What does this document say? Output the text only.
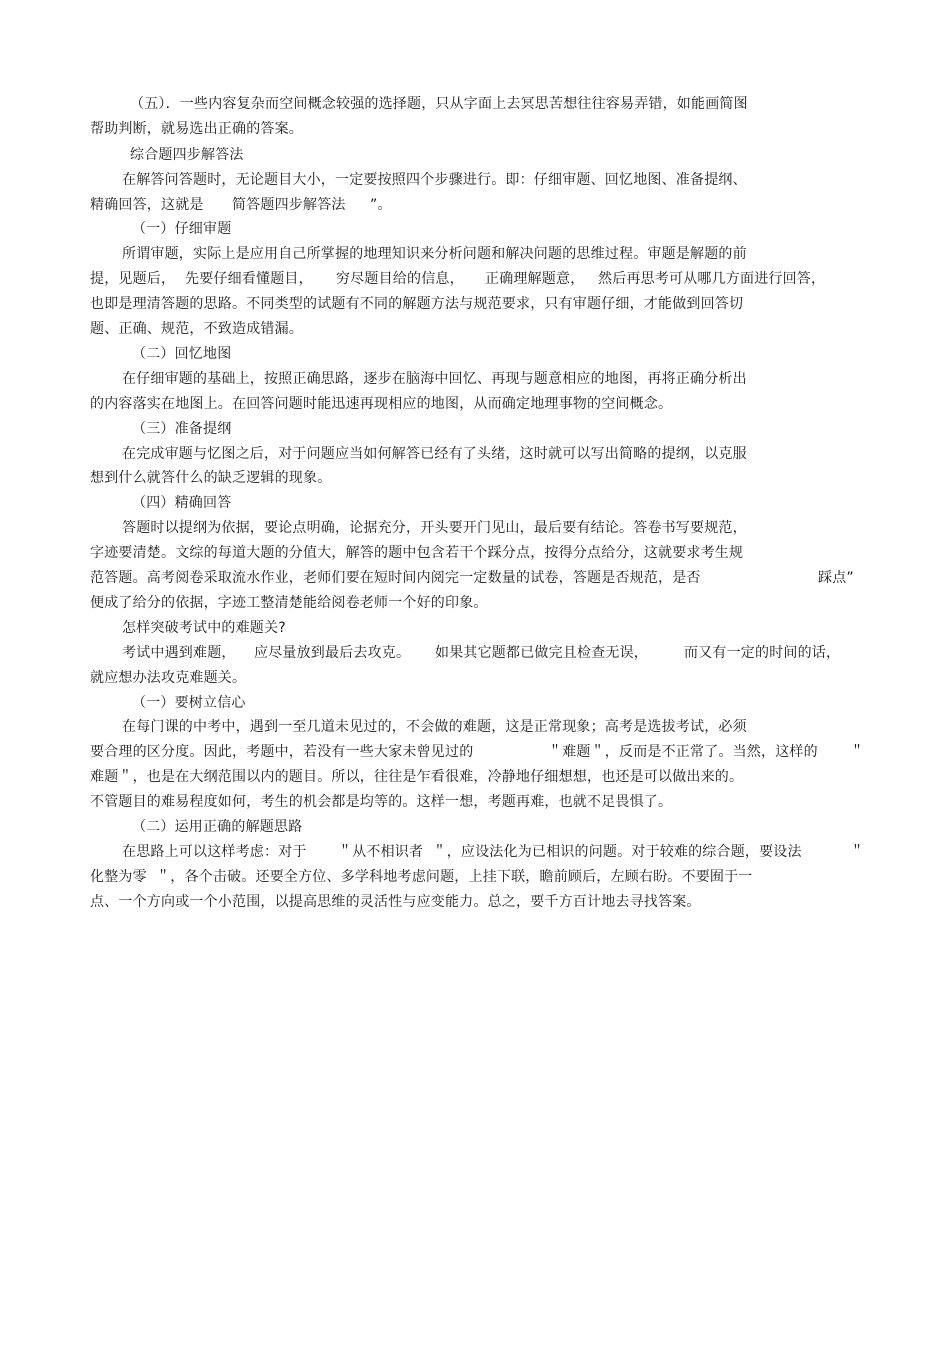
（五）．一些内容复杂而空间概念较强的选择题，只从字面上去冥思苦想往往容易弄错，如能画简图
帮助判断，就易选出正确的答案。
综合题四步解答法
在解答问答题时，无论题目大小，一定要按照四个步骤进行。即：仔细审题、回忆地图、准备提纲、
精确回答，这就是 简答题四步解答法 ”。
（一）仔细审题
所谓审题，实际上是应用自己所掌握的地理知识来分析问题和解决问题的思维过程。审题是解题的前
提，见题后， 先要仔细看懂题目， 穷尽题目给的信息， 正确理解题意， 然后再思考可从哪几方面进行回答，
也即是理清答题的思路。不同类型的试题有不同的解题方法与规范要求，只有审题仔细，才能做到回答切
题、正确、规范，不致造成错漏。
（二）回忆地图
在仔细审题的基础上，按照正确思路，逐步在脑海中回忆、再现与题意相应的地图，再将正确分析出
的内容落实在地图上。在回答问题时能迅速再现相应的地图，从而确定地理事物的空间概念。
（三）准备提纲
在完成审题与忆图之后，对于问题应当如何解答已经有了头绪，这时就可以写出简略的提纲，以克服
想到什么就答什么的缺乏逻辑的现象。
（四）精确回答
答题时以提纲为依据，要论点明确，论据充分，开头要开门见山，最后要有结论。答卷书写要规范，
字迹要清楚。文综的每道大题的分值大，解答的题中包含若干个踩分点，按得分点给分，这就要求考生规
范答题。高考阅卷采取流水作业，老师们要在短时间内阅完一定数量的试卷，答题是否规范，是否	踩点”
便成了给分的依据，字迹工整清楚能给阅卷老师一个好的印象。
怎样突破考试中的难题关?
考试中遇到难题， 应尽量放到最后去攻克。 如果其它题都已做完且检查无误，	而又有一定的时间的话，
就应想办法攻克难题关。
（一）要树立信心
在每门课的中考中，遇到一至几道未见过的，不会做的难题，这是正常现象；高考是选拔考试，必须
要合理的区分度。因此，考题中，若没有一些大家未曾见过的	＂难题＂，反而是不正常了。当然，这样的 ＂
难题＂，也是在大纲范围以内的题目。所以，往往是乍看很难，冷静地仔细想想，也还是可以做出来的。
不管题目的难易程度如何，考生的机会都是均等的。这样一想，考题再难，也就不足畏惧了。
（二）运用正确的解题思路
在思路上可以这样考虑：对于 ＂从不相识者  ＂，应设法化为已相识的问题。对于较难的综合题，要设法	＂
化整为零  ＂，各个击破。还要全方位、多学科地考虑问题，上挂下联，瞻前顾后，左顾右盼。不要囿于一
点、一个方向或一个小范围，以提高思维的灵活性与应变能力。总之，要千方百计地去寻找答案。
